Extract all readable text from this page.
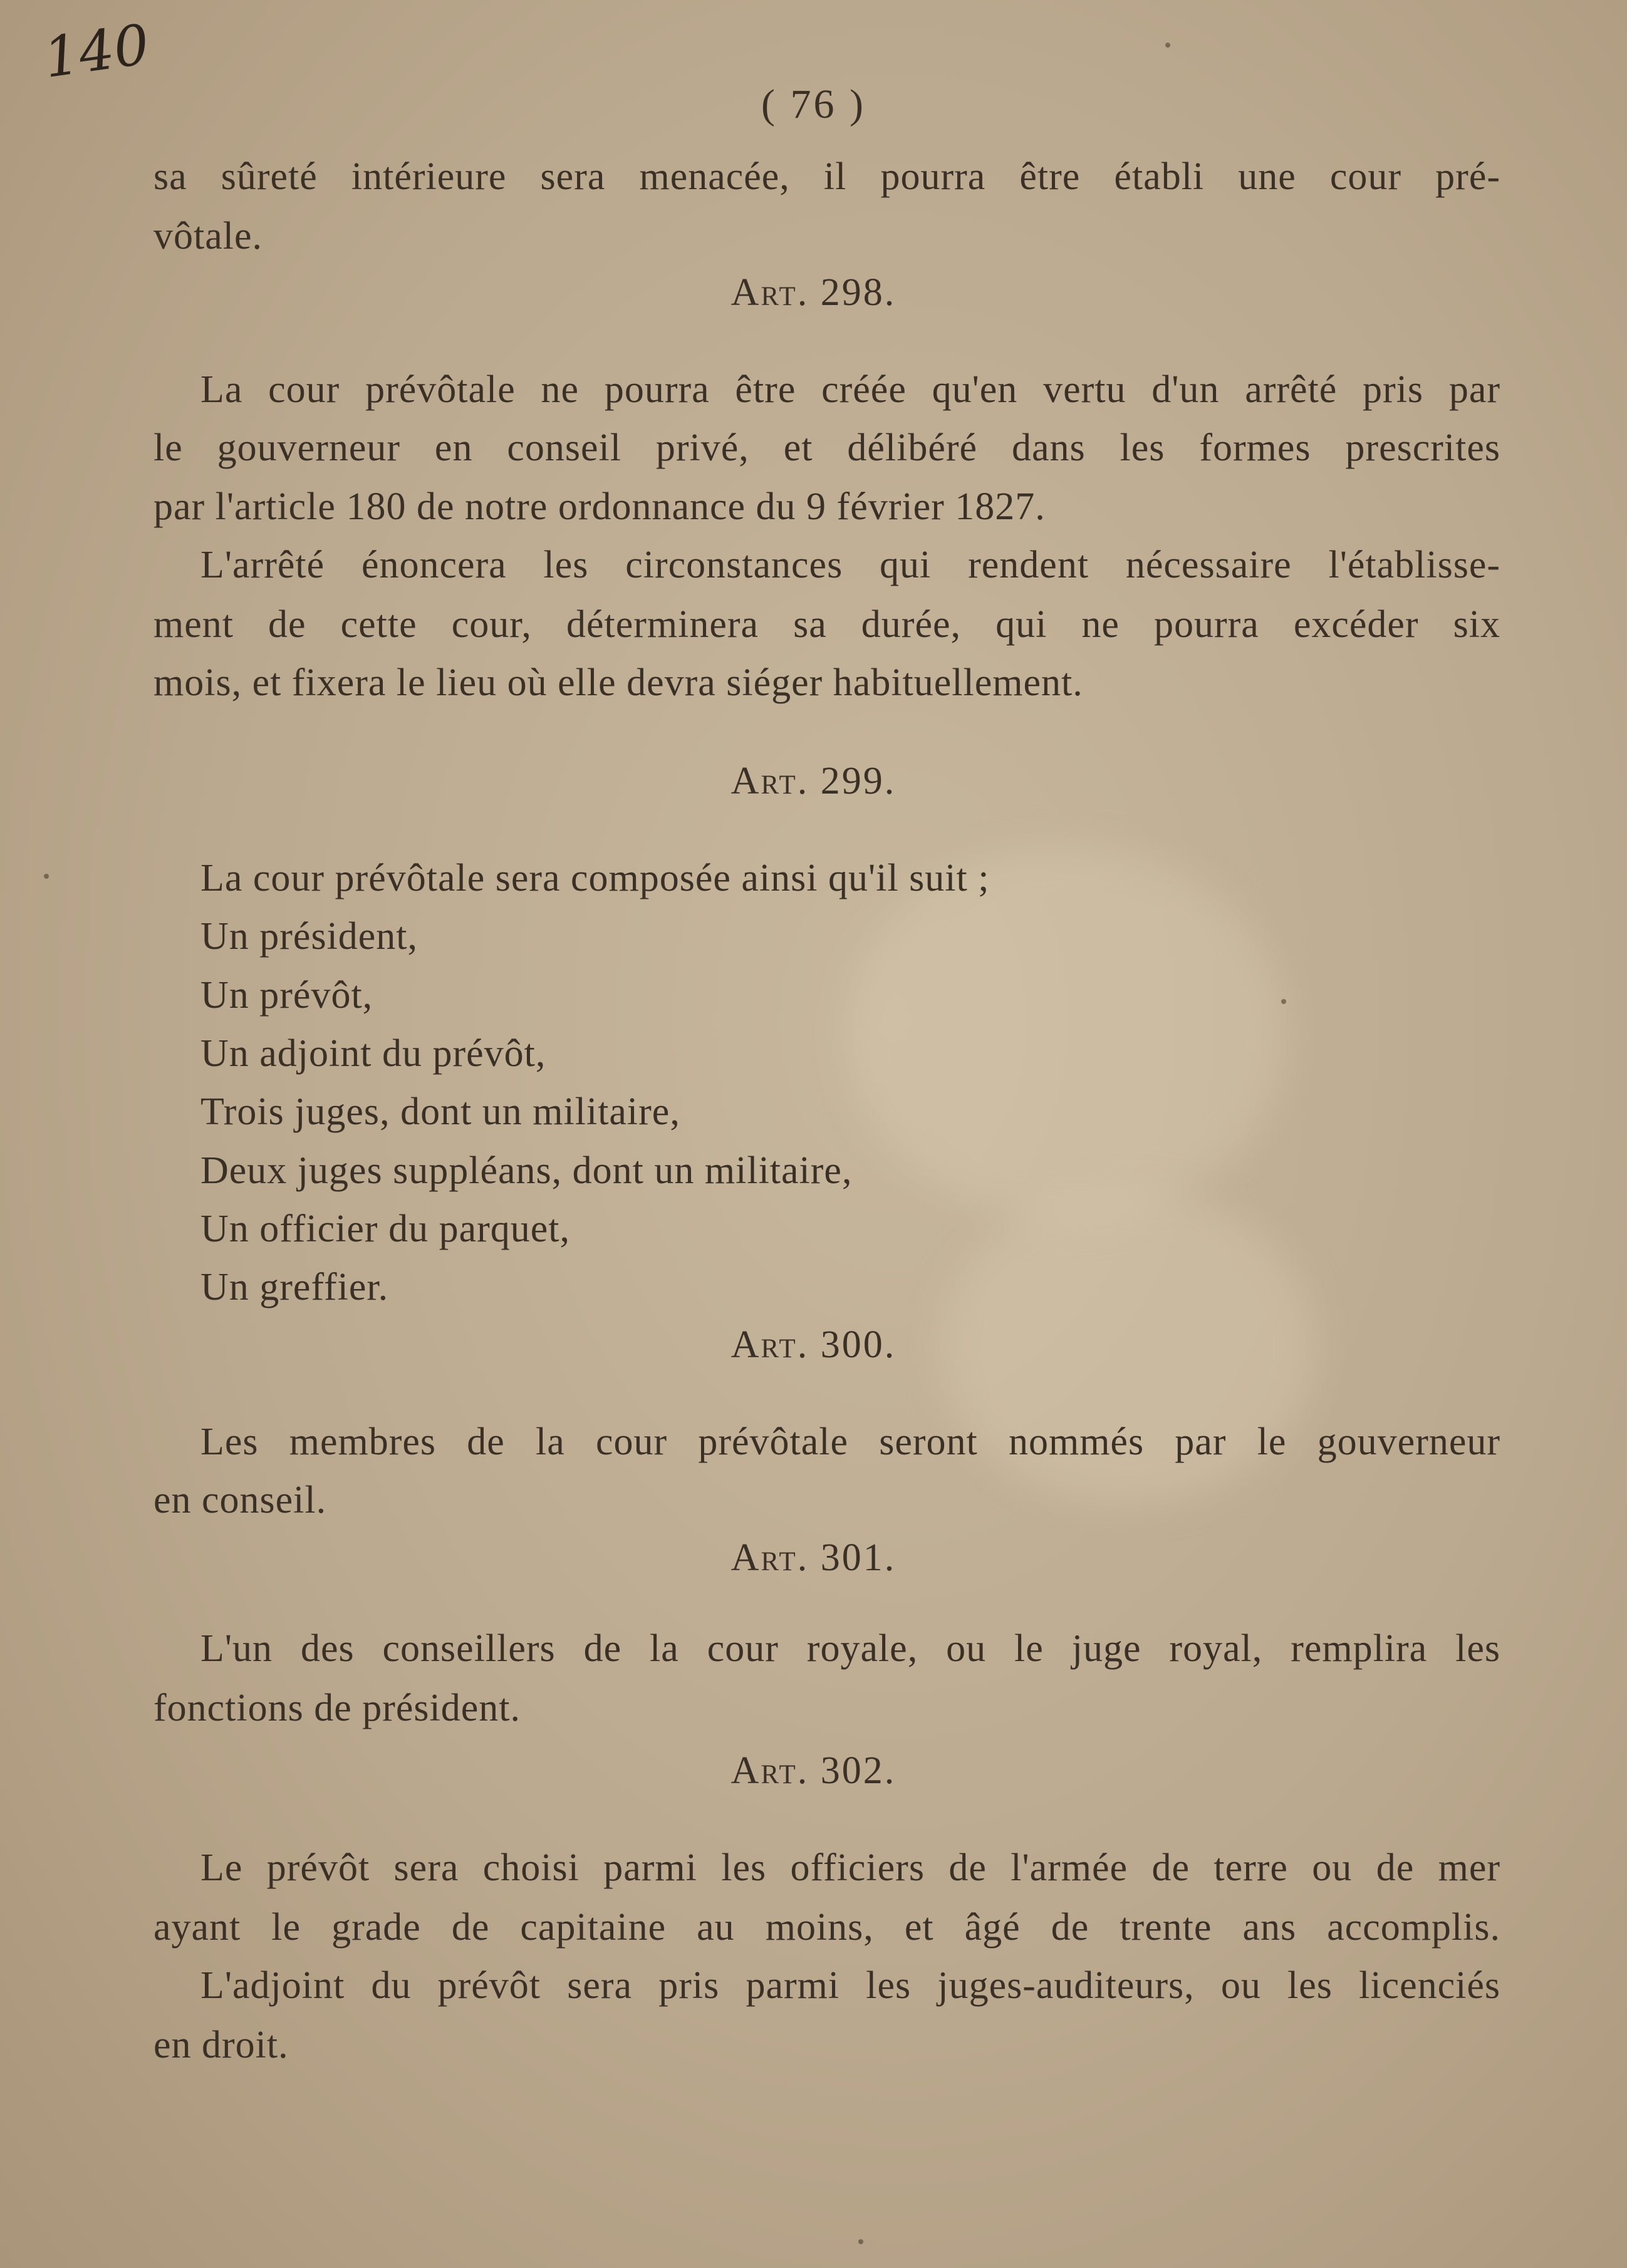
140

( 76 )

sa sûreté intérieure sera menacée, il pourra être établi une cour pré-

vôtale.

Art. 298.

La cour prévôtale ne pourra être créée qu'en vertu d'un arrêté pris par

le gouverneur en conseil privé, et délibéré dans les formes prescrites

par l'article 180 de notre ordonnance du 9 février 1827.

L'arrêté énoncera les circonstances qui rendent nécessaire l'établisse-

ment de cette cour, déterminera sa durée, qui ne pourra excéder six

mois, et fixera le lieu où elle devra siéger habituellement.

Art. 299.

La cour prévôtale sera composée ainsi qu'il suit ;

Un président,

Un prévôt,

Un adjoint du prévôt,

Trois juges, dont un militaire,

Deux juges suppléans, dont un militaire,

Un officier du parquet,

Un greffier.

Art. 300.

Les membres de la cour prévôtale seront nommés par le gouverneur

en conseil.

Art. 301.

L'un des conseillers de la cour royale, ou le juge royal, remplira les

fonctions de président.

Art. 302.

Le prévôt sera choisi parmi les officiers de l'armée de terre ou de mer

ayant le grade de capitaine au moins, et âgé de trente ans accomplis.

L'adjoint du prévôt sera pris parmi les juges-auditeurs, ou les licenciés

en droit.
